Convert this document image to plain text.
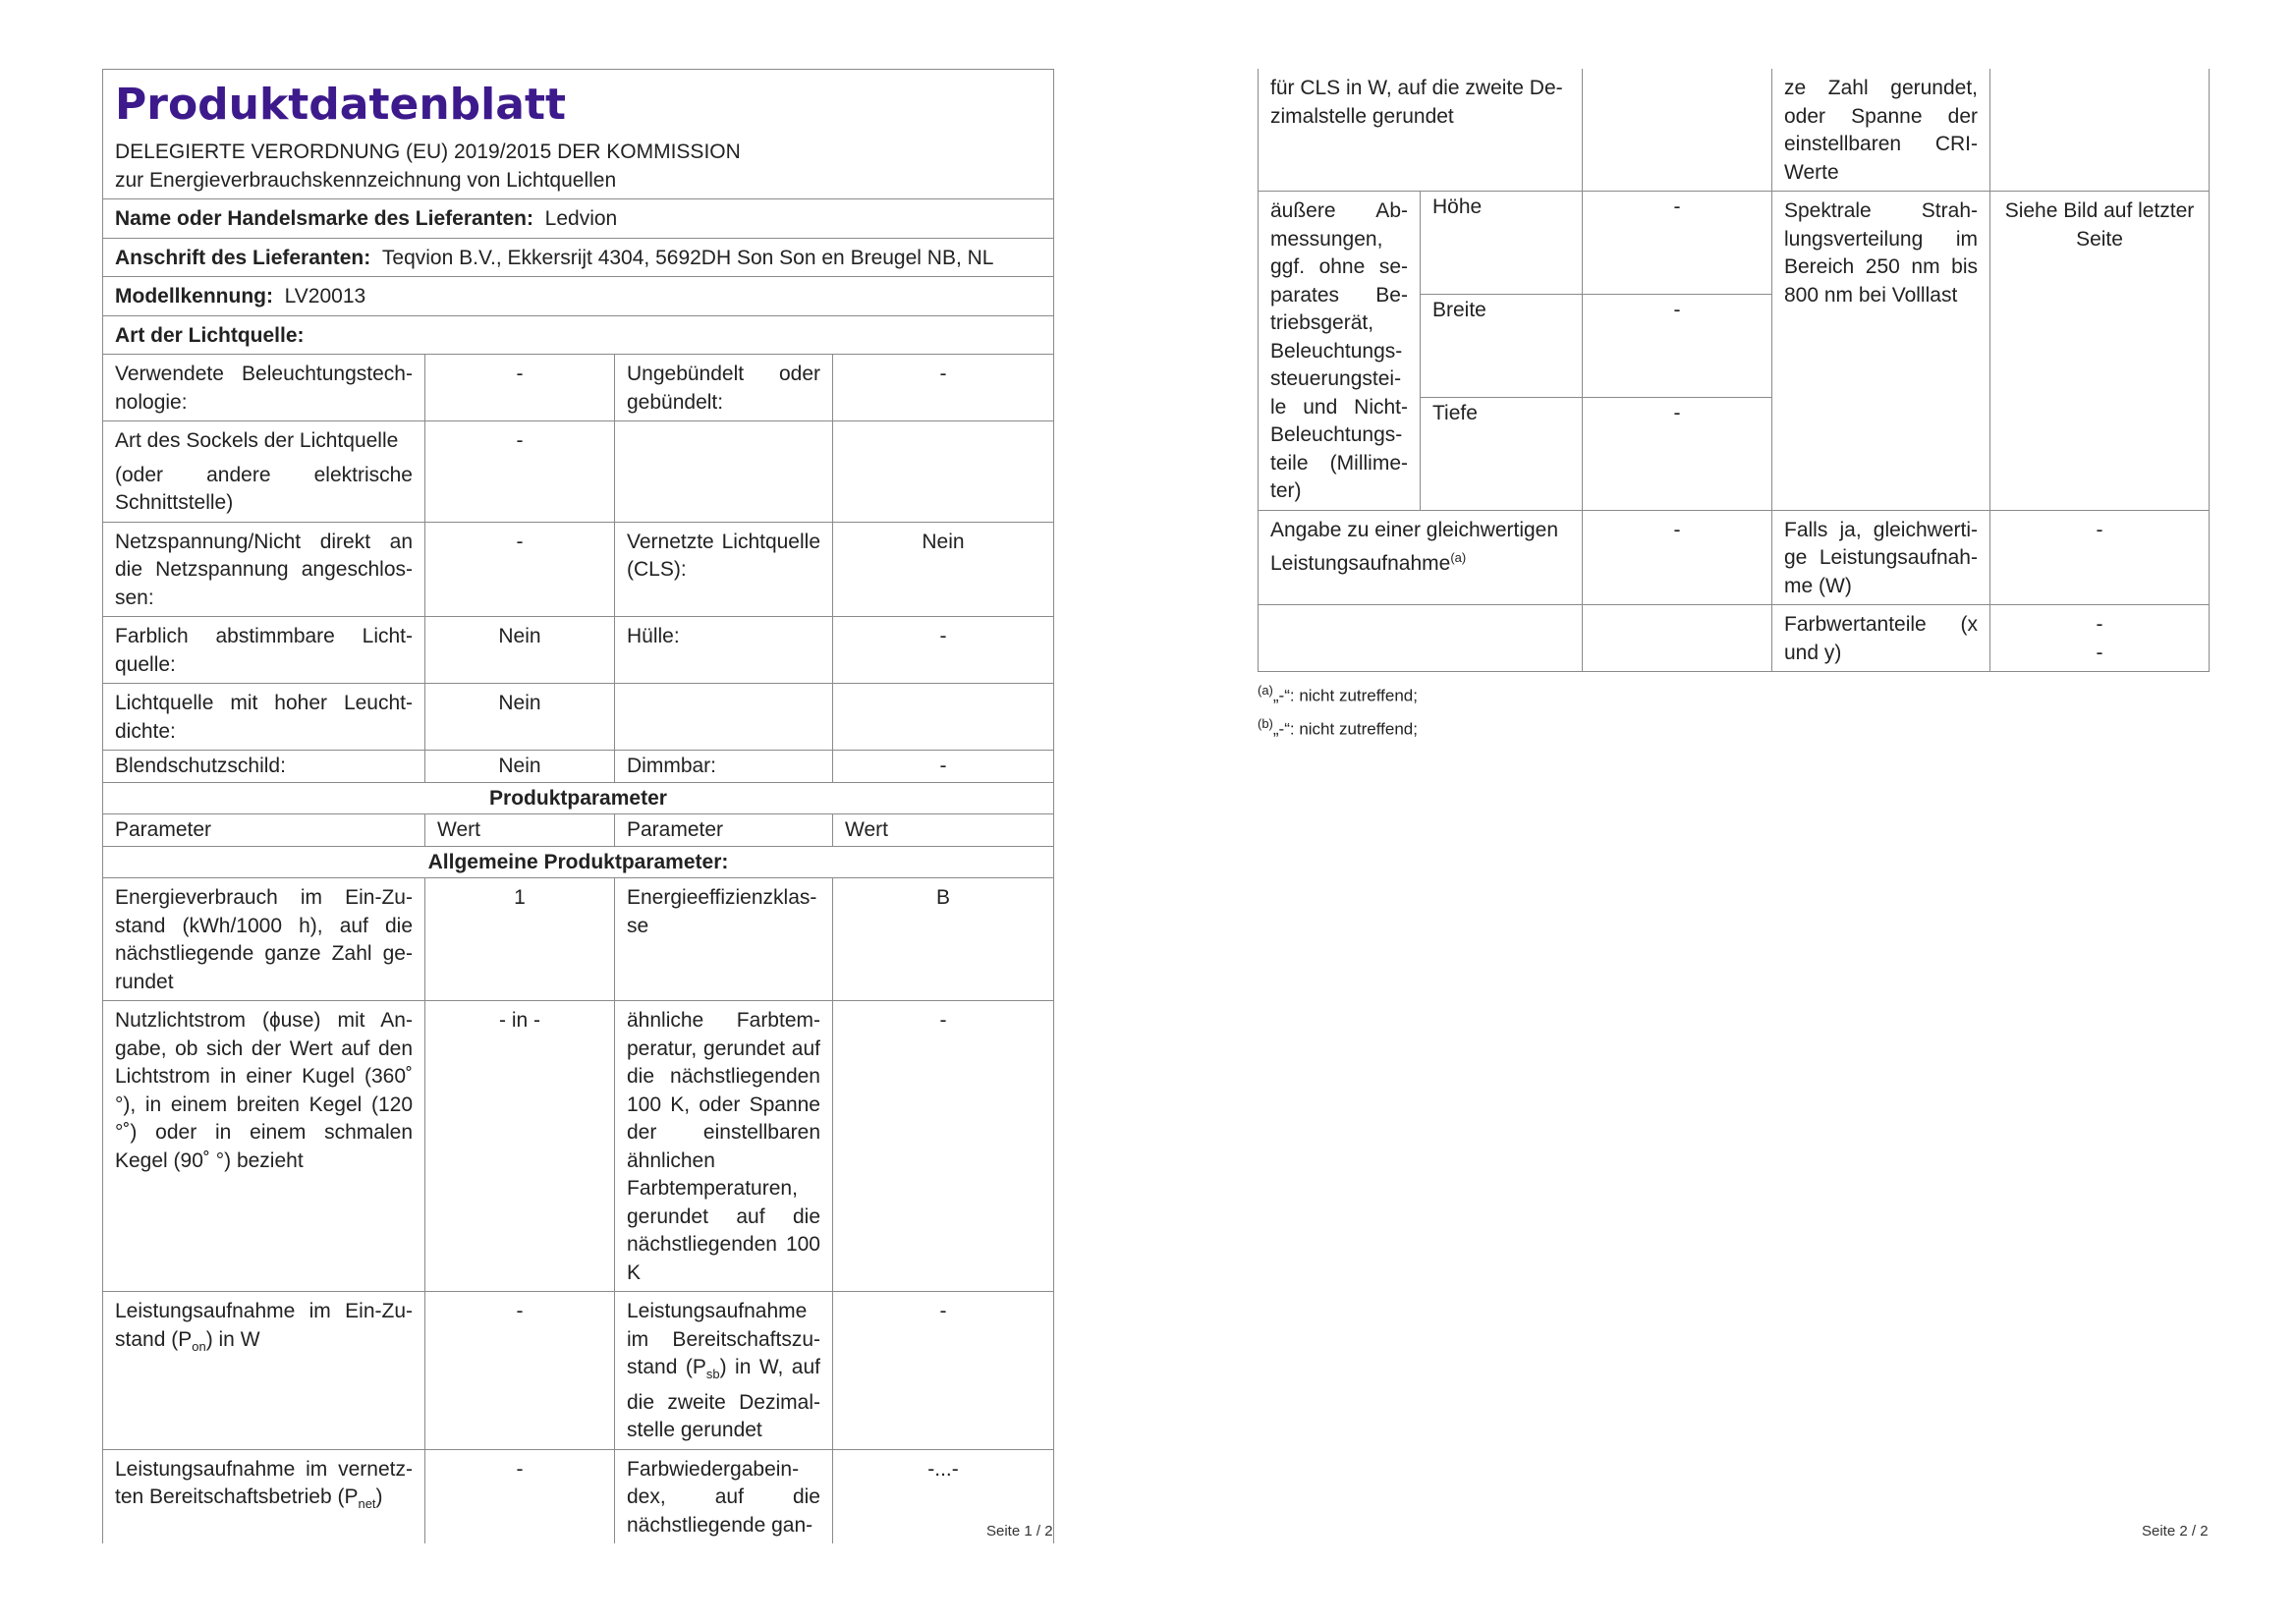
Produktdatenblatt
DELEGIERTE VERORDNUNG (EU) 2019/2015 DER KOMMISSION zur Energieverbrauchskennzeichnung von Lichtquellen			

Name oder Handelsmarke des Lieferanten: Ledvion			
Anschrift des Lieferanten: Teqvion B.V., Ekkersrijt 4304, 5692DH Son Son en Breugel NB, NL			
Modellkennung: LV20013			
Art der Lichtquelle:			
Verwendete Beleuchtungstechnologie:	-	Ungebündelt oder gebündelt:	-

Art des Sockels der Lichtquelle
(oder andere elektrische Schnittstelle)	-		
Netzspannung/Nicht direkt an die Netzspannung angeschlossen:	-	Vernetzte Lichtquelle (CLS):	Nein
Farblich abstimmbare Lichtquelle:	Nein	Hülle:	-
Lichtquelle mit hoher Leuchtdichte:	Nein		
Blendschutzschild:	Nein	Dimmbar:	-
Produktparameter			
Parameter	Wert	Parameter	Wert
Allgemeine Produktparameter:			
Energieverbrauch im Ein-Zustand (kWh/1000 h), auf die nächstliegende ganze Zahl gerundet	1	Energieeffizienzklasse	B
Nutzlichtstrom (ɸuse) mit Angabe, ob sich der Wert auf den Lichtstrom in einer Kugel (360˚ °), in einem breiten Kegel (120 °˚) oder in einem schmalen Kegel (90˚ °) bezieht	- in -	ähnliche Farbtemperatur, gerundet auf die nächstliegenden 100 K, oder Spanne der einstellbaren ähnlichen Farbtemperaturen, gerundet auf die nächstliegenden 100 K	-
Leistungsaufnahme im Ein-Zustand $(P_{on})$ in W	-	Leistungsaufnahme im Bereitschaftszustand $(P_{sb})$ in W, auf die zweite Dezimalstelle gerundet	-
Leistungsaufnahme im vernetzten Bereitschaftsbetrieb $(P_{net})$	-	Farbwiedergabeindex, auf die nächstliegende gan-	-...-
Seite 1 / 2
für CLS in W, auf die zweite Dezimalstelle gerundet			ze Zahl gerundet, oder Spanne der einstellbaren CRI-Werte	
äußere Abmessungen, ggf. ohne separates Betriebsgerät, Beleuchtungssteuerungsteile und Nicht-Beleuchtungsteile (Millimeter)	Höhe	-	Spektrale Strahlungsverteilung im Bereich 250 nm bis 800 nm bei Volllast	Siehe Bild auf letzter Seite
	Breite	-		
	Tiefe	-		
Angabe zu einer gleichwertigen Leistungsaufnahme$^{(a)}$		-	Falls ja, gleichwertige Leistungsaufnahme (W)	-
			Farbwertanteile (x und y)	-
-
$^{(a)}$„-“: nicht zutreffend;
$^{(b)}$„-“: nicht zutreffend;
Seite 2 / 2
